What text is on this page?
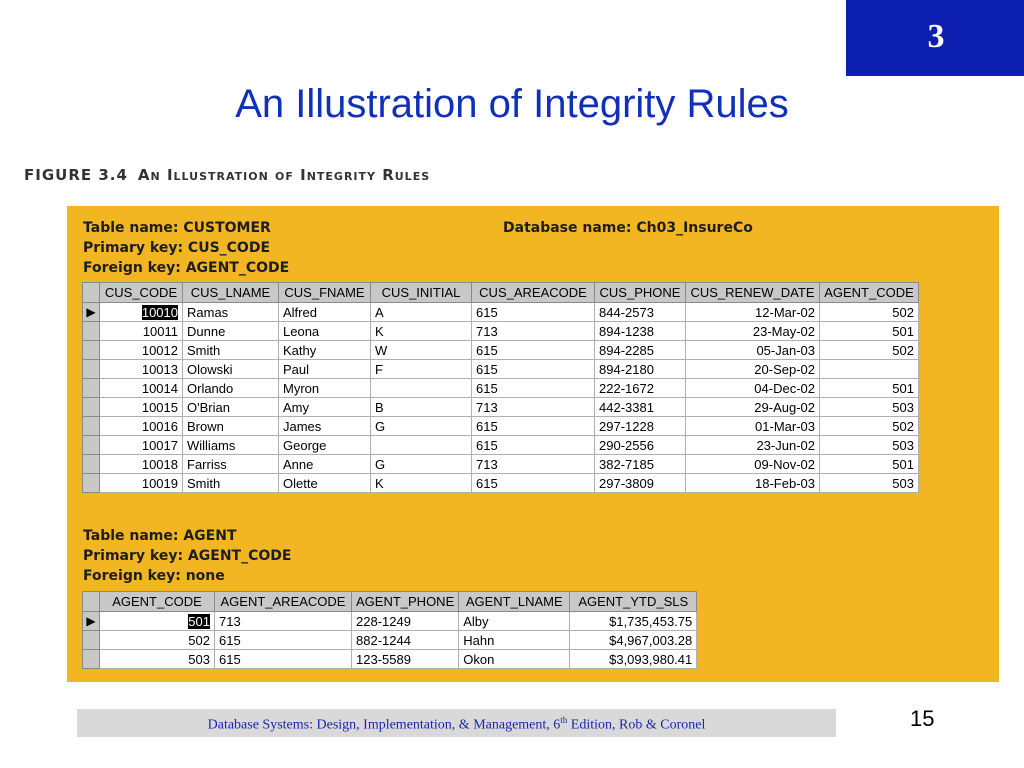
3
An Illustration of Integrity Rules
FIGURE 3.4 An Illustration of Integrity Rules
Table name: CUSTOMER
Primary key: CUS_CODE
Foreign key: AGENT_CODE
Database name: Ch03_InsureCo
	CUS_CODE	CUS_LNAME	CUS_FNAME	CUS_INITIAL	CUS_AREACODE	CUS_PHONE	CUS_RENEW_DATE	AGENT_CODE
▶	10010	Ramas	Alfred	A	615	844-2573	12-Mar-02	502
	10011	Dunne	Leona	K	713	894-1238	23-May-02	501
	10012	Smith	Kathy	W	615	894-2285	05-Jan-03	502
	10013	Olowski	Paul	F	615	894-2180	20-Sep-02	
	10014	Orlando	Myron		615	222-1672	04-Dec-02	501
	10015	O'Brian	Amy	B	713	442-3381	29-Aug-02	503
	10016	Brown	James	G	615	297-1228	01-Mar-03	502
	10017	Williams	George		615	290-2556	23-Jun-02	503
	10018	Farriss	Anne	G	713	382-7185	09-Nov-02	501
	10019	Smith	Olette	K	615	297-3809	18-Feb-03	503
Table name: AGENT
Primary key: AGENT_CODE
Foreign key: none
	AGENT_CODE	AGENT_AREACODE	AGENT_PHONE	AGENT_LNAME	AGENT_YTD_SLS
▶	501	713	228-1249	Alby	$1,735,453.75
	502	615	882-1244	Hahn	$4,967,003.28
	503	615	123-5589	Okon	$3,093,980.41
Database Systems: Design, Implementation, & Management, 6th Edition, Rob & Coronel	15
